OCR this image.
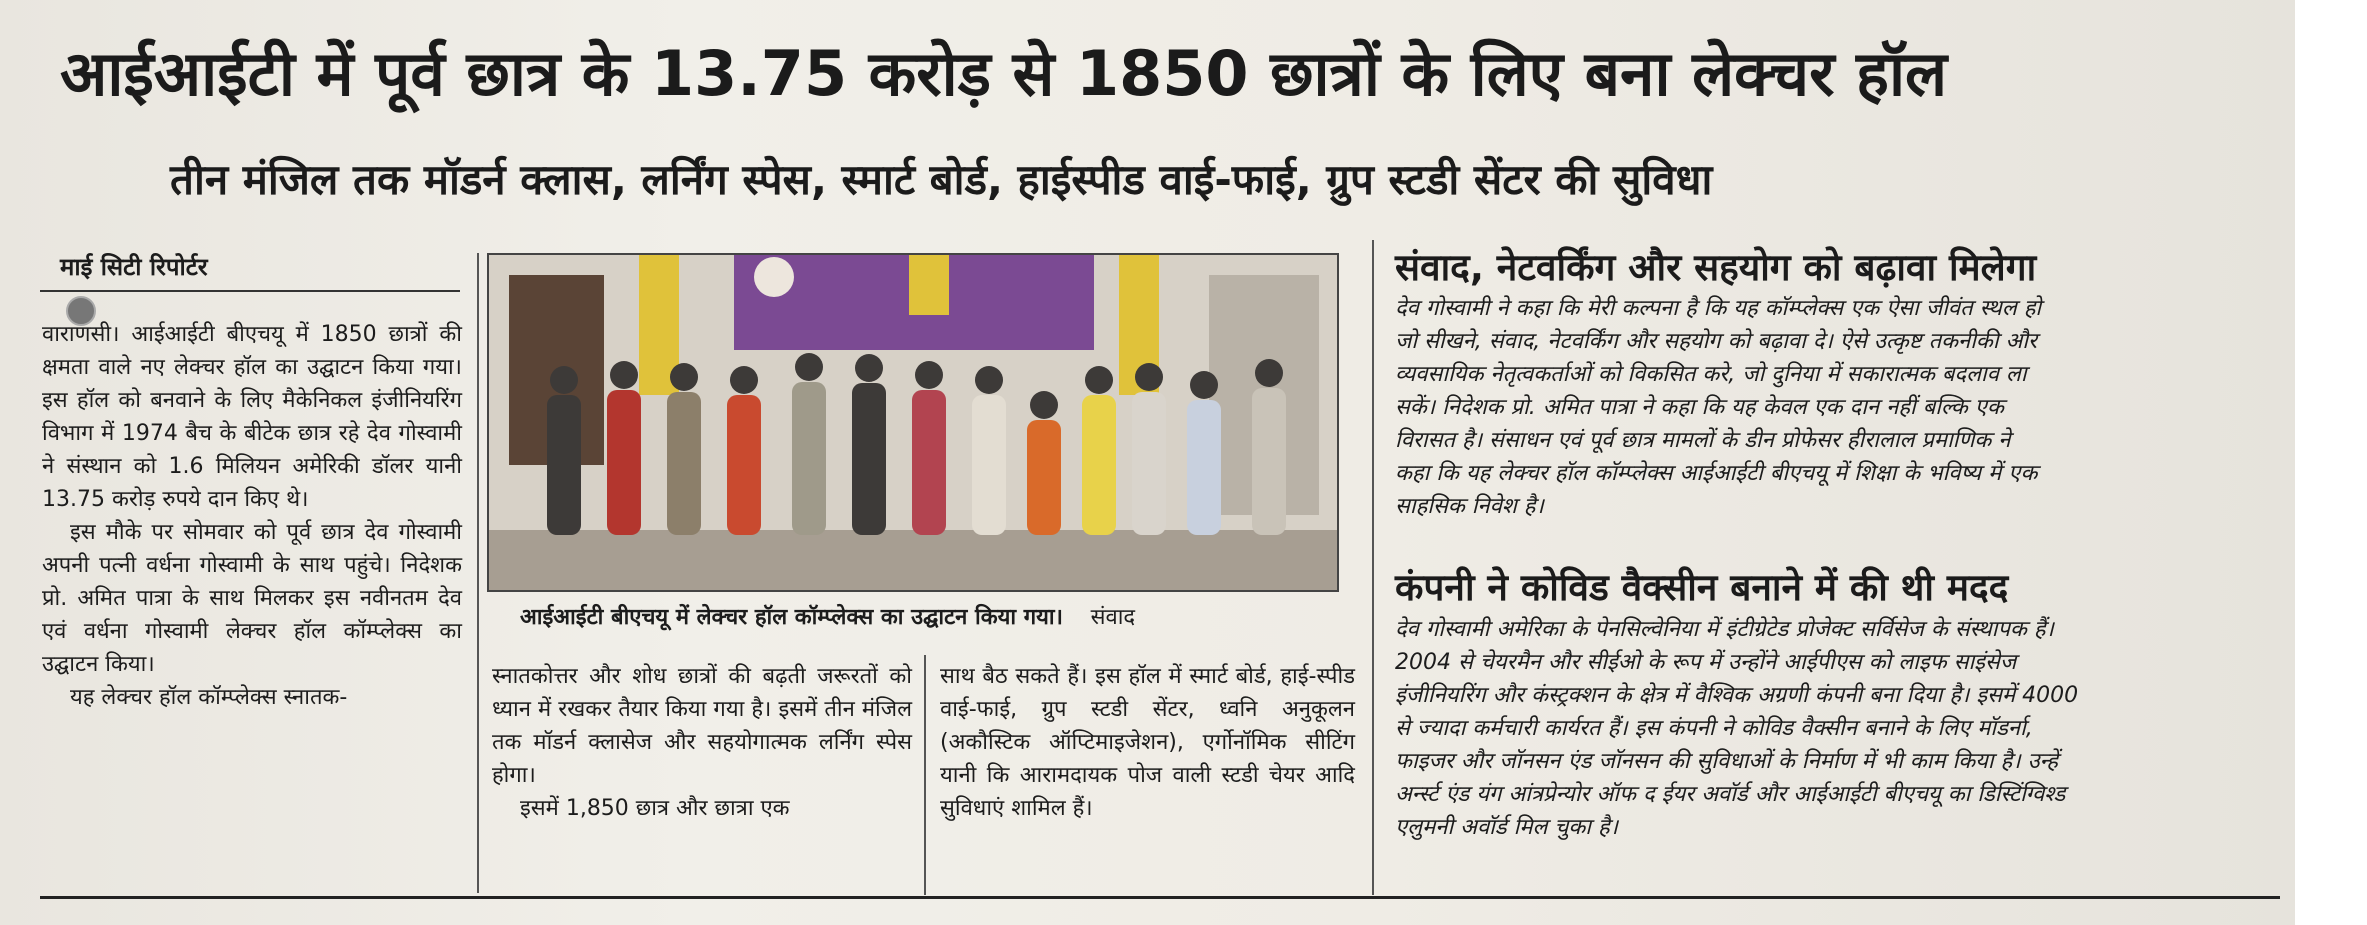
आईआईटी में पूर्व छात्र के 13.75 करोड़ से 1850 छात्रों के लिए बना लेक्चर हॉल
तीन मंजिल तक मॉडर्न क्लास, लर्निंग स्पेस, स्मार्ट बोर्ड, हाईस्पीड वाई-फाई, ग्रुप स्टडी सेंटर की सुविधा
माई सिटी रिपोर्टर

वाराणसी। आईआईटी बीएचयू में 1850 छात्रों की क्षमता वाले नए लेक्चर हॉल का उद्घाटन किया गया। इस हॉल को बनवाने के लिए मैकेनिकल इंजीनियरिंग विभाग में 1974 बैच के बीटेक छात्र रहे देव गोस्वामी ने संस्थान को 1.6 मिलियन अमेरिकी डॉलर यानी 13.75 करोड़ रुपये दान किए थे।

इस मौके पर सोमवार को पूर्व छात्र देव गोस्वामी अपनी पत्नी वर्धना गोस्वामी के साथ पहुंचे। निदेशक प्रो. अमित पात्रा के साथ मिलकर इस नवीनतम देव एवं वर्धना गोस्वामी लेक्चर हॉल कॉम्प्लेक्स का उद्घाटन किया।

यह लेक्चर हॉल कॉम्प्लेक्स स्नातक-

आईआईटी बीएचयू में लेक्चर हॉल कॉम्प्लेक्स का उद्घाटन किया गया। संवाद

स्नातकोत्तर और शोध छात्रों की बढ़ती जरूरतों को ध्यान में रखकर तैयार किया गया है। इसमें तीन मंजिल तक मॉडर्न क्लासेज और सहयोगात्मक लर्निंग स्पेस होगा।

इसमें 1,850 छात्र और छात्रा एक

साथ बैठ सकते हैं। इस हॉल में स्मार्ट बोर्ड, हाई-स्पीड वाई-फाई, ग्रुप स्टडी सेंटर, ध्वनि अनुकूलन (अकौस्टिक ऑप्टिमाइजेशन), एर्गोनॉमिक सीटिंग यानी कि आरामदायक पोज वाली स्टडी चेयर आदि सुविधाएं शामिल हैं।

संवाद, नेटवर्किंग और सहयोग को बढ़ावा मिलेगा

देव गोस्वामी ने कहा कि मेरी कल्पना है कि यह कॉम्प्लेक्स एक ऐसा जीवंत स्थल हो

जो सीखने, संवाद, नेटवर्किंग और सहयोग को बढ़ावा दे। ऐसे उत्कृष्ट तकनीकी और

व्यवसायिक नेतृत्वकर्ताओं को विकसित करे, जो दुनिया में सकारात्मक बदलाव ला

सकें। निदेशक प्रो. अमित पात्रा ने कहा कि यह केवल एक दान नहीं बल्कि एक

विरासत है। संसाधन एवं पूर्व छात्र मामलों के डीन प्रोफेसर हीरालाल प्रमाणिक ने

कहा कि यह लेक्चर हॉल कॉम्प्लेक्स आईआईटी बीएचयू में शिक्षा के भविष्य में एक

साहसिक निवेश है।

कंपनी ने कोविड वैक्सीन बनाने में की थी मदद

देव गोस्वामी अमेरिका के पेनसिल्वेनिया में इंटीग्रेटेड प्रोजेक्ट सर्विसेज के संस्थापक हैं।

2004 से चेयरमैन और सीईओ के रूप में उन्होंने आईपीएस को लाइफ साइंसेज

इंजीनियरिंग और कंस्ट्रक्शन के क्षेत्र में वैश्विक अग्रणी कंपनी बना दिया है। इसमें 4000

से ज्यादा कर्मचारी कार्यरत हैं। इस कंपनी ने कोविड वैक्सीन बनाने के लिए मॉडर्ना,

फाइजर और जॉनसन एंड जॉनसन की सुविधाओं के निर्माण में भी काम किया है। उन्हें

अर्न्स्ट एंड यंग आंत्रप्रेन्योर ऑफ द ईयर अवॉर्ड और आईआईटी बीएचयू का डिस्टिंग्विश्ड

एलुमनी अवॉर्ड मिल चुका है।
